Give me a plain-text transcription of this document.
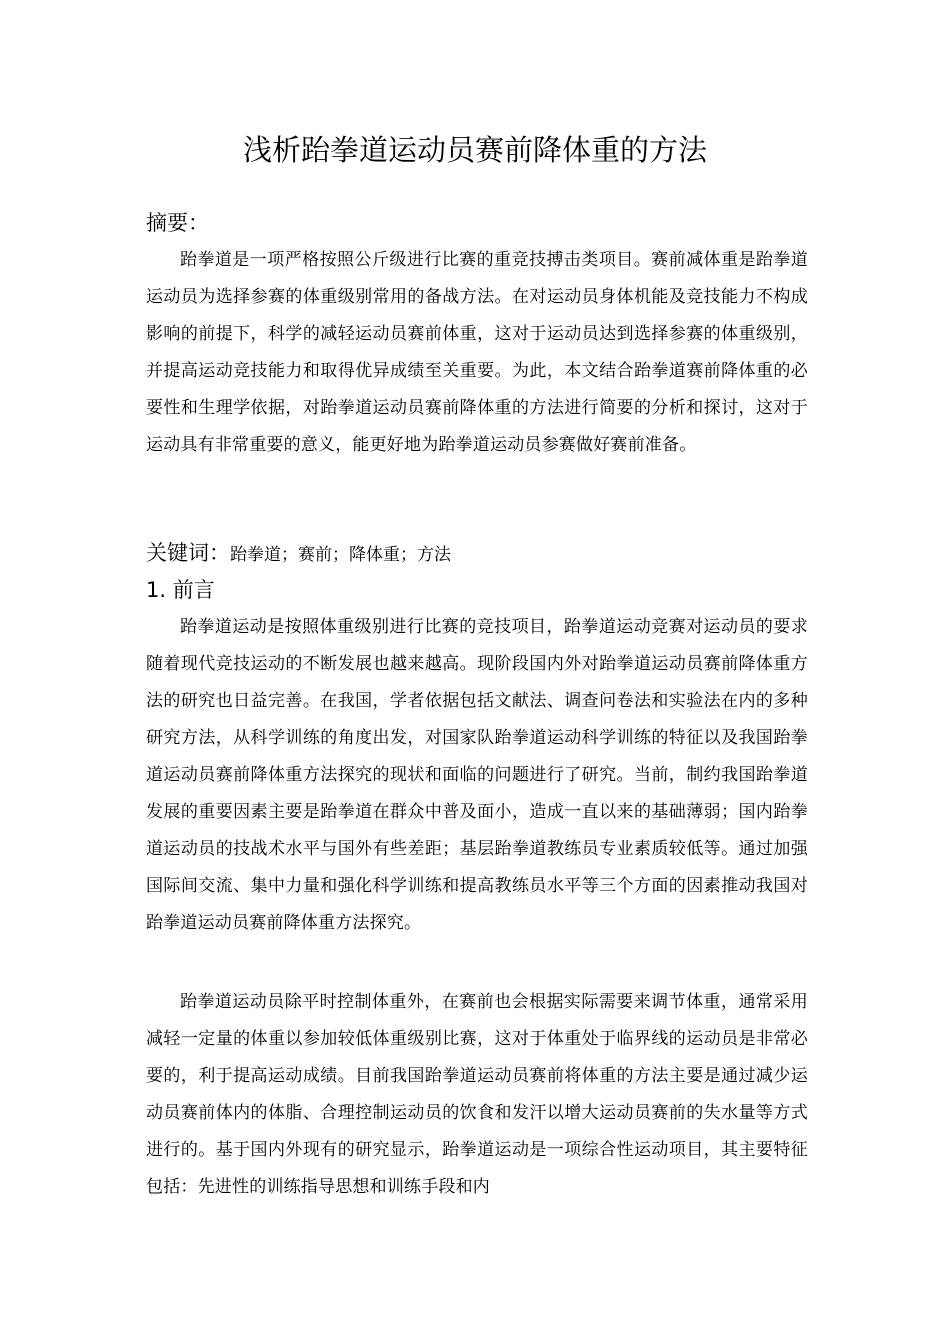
浅析跆拳道运动员赛前降体重的方法
摘要：

跆拳道是一项严格按照公斤级进行比赛的重竞技搏击类项目。赛前减体重是跆拳道运动员为选择参赛的体重级别常用的备战方法。在对运动员身体机能及竞技能力不构成影响的前提下，科学的减轻运动员赛前体重，这对于运动员达到选择参赛的体重级别，并提高运动竞技能力和取得优异成绩至关重要。为此，本文结合跆拳道赛前降体重的必要性和生理学依据，对跆拳道运动员赛前降体重的方法进行简要的分析和探讨，这对于运动具有非常重要的意义，能更好地为跆拳道运动员参赛做好赛前准备。

关键词：跆拳道；赛前；降体重；方法
1. 前言

跆拳道运动是按照体重级别进行比赛的竞技项目，跆拳道运动竞赛对运动员的要求随着现代竞技运动的不断发展也越来越高。现阶段国内外对跆拳道运动员赛前降体重方法的研究也日益完善。在我国，学者依据包括文献法、调查问卷法和实验法在内的多种研究方法，从科学训练的角度出发，对国家队跆拳道运动科学训练的特征以及我国跆拳道运动员赛前降体重方法探究的现状和面临的问题进行了研究。当前，制约我国跆拳道发展的重要因素主要是跆拳道在群众中普及面小，造成一直以来的基础薄弱；国内跆拳道运动员的技战术水平与国外有些差距；基层跆拳道教练员专业素质较低等。通过加强国际间交流、集中力量和强化科学训练和提高教练员水平等三个方面的因素推动我国对跆拳道运动员赛前降体重方法探究。

跆拳道运动员除平时控制体重外，在赛前也会根据实际需要来调节体重，通常采用减轻一定量的体重以参加较低体重级别比赛，这对于体重处于临界线的运动员是非常必要的，利于提高运动成绩。目前我国跆拳道运动员赛前将体重的方法主要是通过减少运动员赛前体内的体脂、合理控制运动员的饮食和发汗以增大运动员赛前的失水量等方式进行的。基于国内外现有的研究显示，跆拳道运动是一项综合性运动项目，其主要特征包括：先进性的训练指导思想和训练手段和内
